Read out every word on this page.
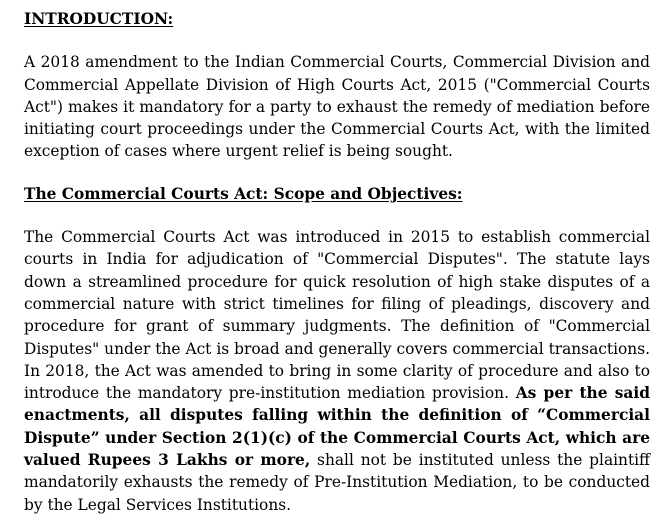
INTRODUCTION:

A 2018 amendment to the Indian Commercial Courts, Commercial Division and Commercial Appellate Division of High Courts Act, 2015 ("Commercial Courts Act") makes it mandatory for a party to exhaust the remedy of mediation before initiating court proceedings under the Commercial Courts Act, with the limited exception of cases where urgent relief is being sought.

The Commercial Courts Act: Scope and Objectives:

The Commercial Courts Act was introduced in 2015 to establish commercial courts in India for adjudication of "Commercial Disputes". The statute lays down a streamlined procedure for quick resolution of high stake disputes of a commercial nature with strict timelines for filing of pleadings, discovery and procedure for grant of summary judgments. The definition of "Commercial Disputes" under the Act is broad and generally covers commercial transactions. In 2018, the Act was amended to bring in some clarity of procedure and also to introduce the mandatory pre-institution mediation provision. As per the said enactments, all disputes falling within the definition of “Commercial Dispute” under Section 2(1)(c) of the Commercial Courts Act, which are valued Rupees 3 Lakhs or more, shall not be instituted unless the plaintiff mandatorily exhausts the remedy of Pre-Institution Mediation, to be conducted by the Legal Services Institutions.
